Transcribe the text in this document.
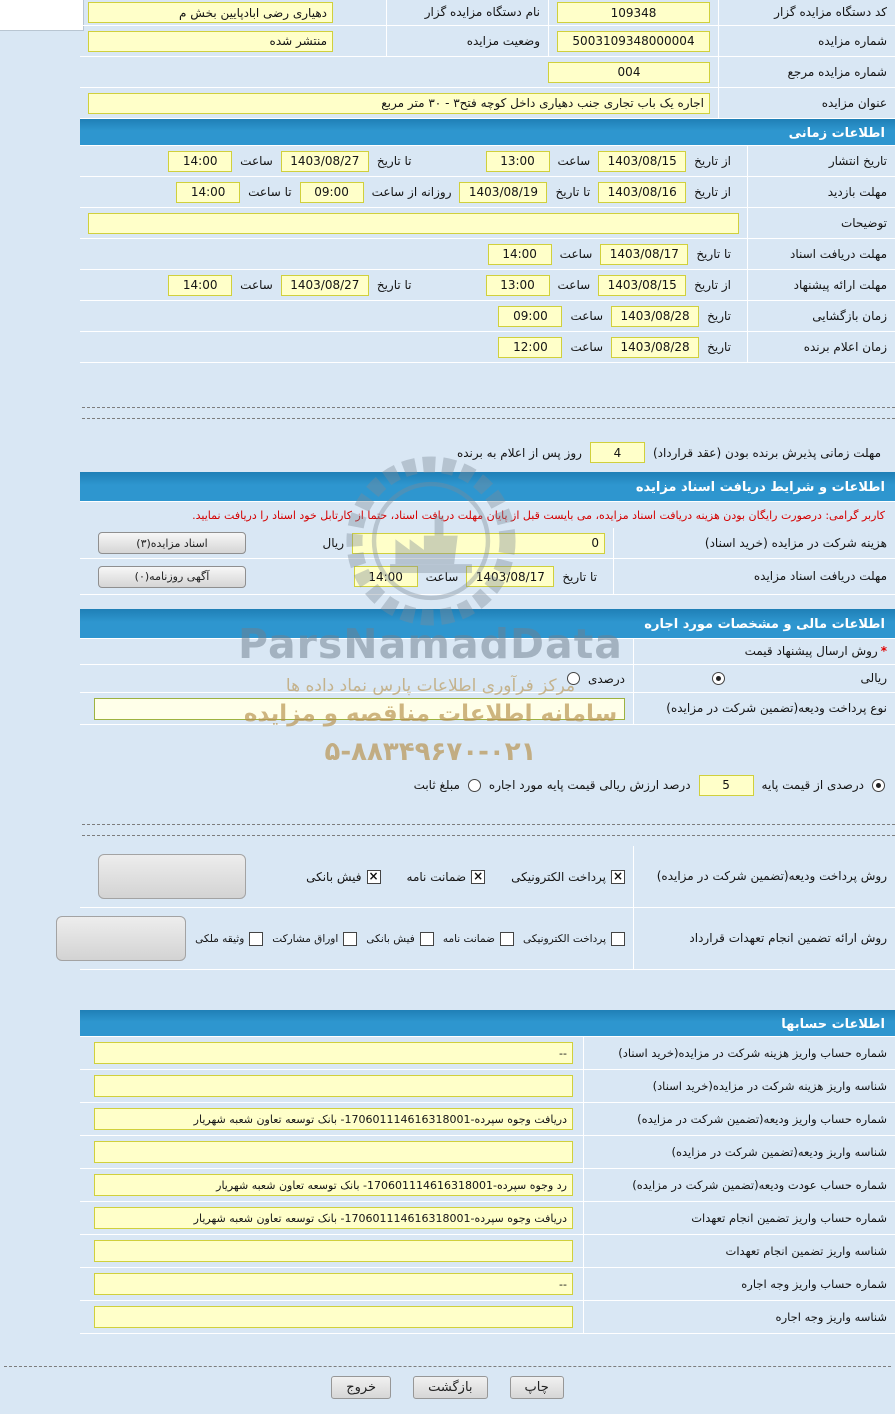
کد دستگاه مزایده گزار
109348
نام دستگاه مزایده گزار
دهیاری رضی ابادپایین بخش م
شماره مزایده
5003109348000004
وضعیت مزایده
منتشر شده
شماره مزایده مرجع
004
عنوان مزایده
اجاره یک باب تجاری جنب دهیاری داخل کوچه فتح۳ - ۳۰ متر مربع
اطلاعات زمانی
تاریخ انتشار
از تاریخ
1403/08/15
ساعت
13:00
تا تاریخ
1403/08/27
ساعت
14:00
مهلت بازدید
از تاریخ
1403/08/16
تا تاریخ
1403/08/19
روزانه از ساعت
09:00
تا ساعت
14:00
توضیحات
مهلت دریافت اسناد
تا تاریخ
1403/08/17
ساعت
14:00
مهلت ارائه پیشنهاد
از تاریخ
1403/08/15
ساعت
13:00
تا تاریخ
1403/08/27
ساعت
14:00
زمان بازگشایی
تاریخ
1403/08/28
ساعت
09:00
زمان اعلام برنده
تاریخ
1403/08/28
ساعت
12:00
مهلت زمانی پذیرش برنده بودن (عقد قرارداد)
4
روز پس از اعلام به برنده
اطلاعات و شرایط دریافت اسناد مزایده
کاربر گرامی: درصورت رایگان بودن هزینه دریافت اسناد مزایده، می بایست قبل از پایان مهلت دریافت اسناد، حتما از کارتابل خود اسناد را دریافت نمایید.
هزینه شرکت در مزایده (خرید اسناد)
0
ریال
اسناد مزایده(۳)
مهلت دریافت اسناد مزایده
تا تاریخ
1403/08/17
ساعت
14:00
آگهی روزنامه(۰)
اطلاعات مالی و مشخصات مورد اجاره
*
روش ارسال پیشنهاد قیمت
ریالی
درصدی
نوع پرداخت ودیعه(تضمین شرکت در مزایده)
درصدی از قیمت پایه
5
درصد ارزش ریالی قیمت پایه مورد اجاره
مبلغ ثابت
روش پرداخت ودیعه(تضمین شرکت در مزایده)
×
پرداخت الکترونیکی
×
ضمانت نامه
×
فیش بانکی
روش ارائه تضمین انجام تعهدات قرارداد
پرداخت الکترونیکی
ضمانت نامه
فیش بانکی
اوراق مشارکت
وثیقه ملکی
اطلاعات حسابها
شماره حساب واریز هزینه شرکت در مزایده(خرید اسناد)
--
شناسه واریز هزینه شرکت در مزایده(خرید اسناد)
شماره حساب واریز ودیعه(تضمین شرکت در مزایده)
دریافت وجوه سپرده-170601114616318001- بانک توسعه تعاون شعبه شهریار
شناسه واریز ودیعه(تضمین شرکت در مزایده)
شماره حساب عودت ودیعه(تضمین شرکت در مزایده)
رد وجوه سپرده-170601114616318001- بانک توسعه تعاون شعبه شهریار
شماره حساب واریز تضمین انجام تعهدات
دریافت وجوه سپرده-170601114616318001- بانک توسعه تعاون شعبه شهریار
شناسه واریز تضمین انجام تعهدات
شماره حساب واریز وجه اجاره
--
شناسه واریز وجه اجاره
ParsNamadData
مرکز فرآوری اطلاعات پارس نماد داده ها
سامانه اطلاعات مناقصه و مزایده
۵-۸۸۳۴۹۶۷۰-۰۲۱
چاپ
بازگشت
خروج
